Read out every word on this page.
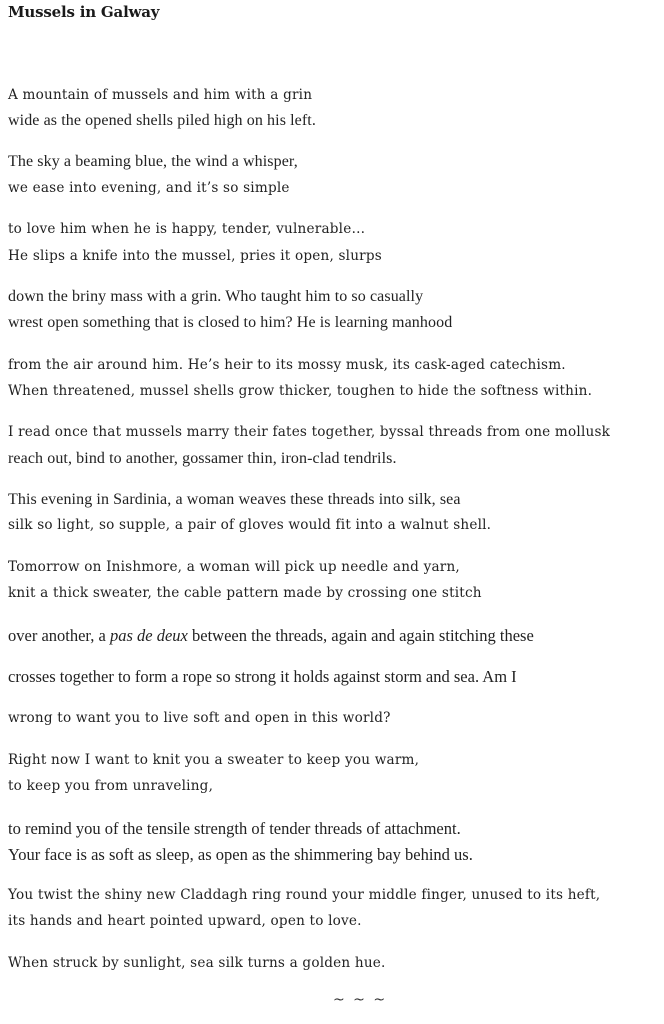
Mussels in Galway
A mountain of mussels and him with a grin
wide as the opened shells piled high on his left.
The sky a beaming blue, the wind a whisper,
we ease into evening, and it’s so simple
to love him when he is happy, tender, vulnerable…
He slips a knife into the mussel, pries it open, slurps
down the briny mass with a grin. Who taught him to so casually
wrest open something that is closed to him? He is learning manhood
from the air around him. He’s heir to its mossy musk, its cask-aged catechism.
When threatened, mussel shells grow thicker, toughen to hide the softness within.
I read once that mussels marry their fates together, byssal threads from one mollusk
reach out, bind to another, gossamer thin, iron-clad tendrils.
This evening in Sardinia, a woman weaves these threads into silk, sea
silk so light, so supple, a pair of gloves would fit into a walnut shell.
Tomorrow on Inishmore, a woman will pick up needle and yarn,
knit a thick sweater, the cable pattern made by crossing one stitch
over another, a pas de deux between the threads, again and again stitching these
crosses together to form a rope so strong it holds against storm and sea. Am I
wrong to want you to live soft and open in this world?
Right now I want to knit you a sweater to keep you warm,
to keep you from unraveling,
to remind you of the tensile strength of tender threads of attachment.
Your face is as soft as sleep, as open as the shimmering bay behind us.
You twist the shiny new Claddagh ring round your middle finger, unused to its heft,
its hands and heart pointed upward, open to love.
When struck by sunlight, sea silk turns a golden hue.
~ ~ ~
